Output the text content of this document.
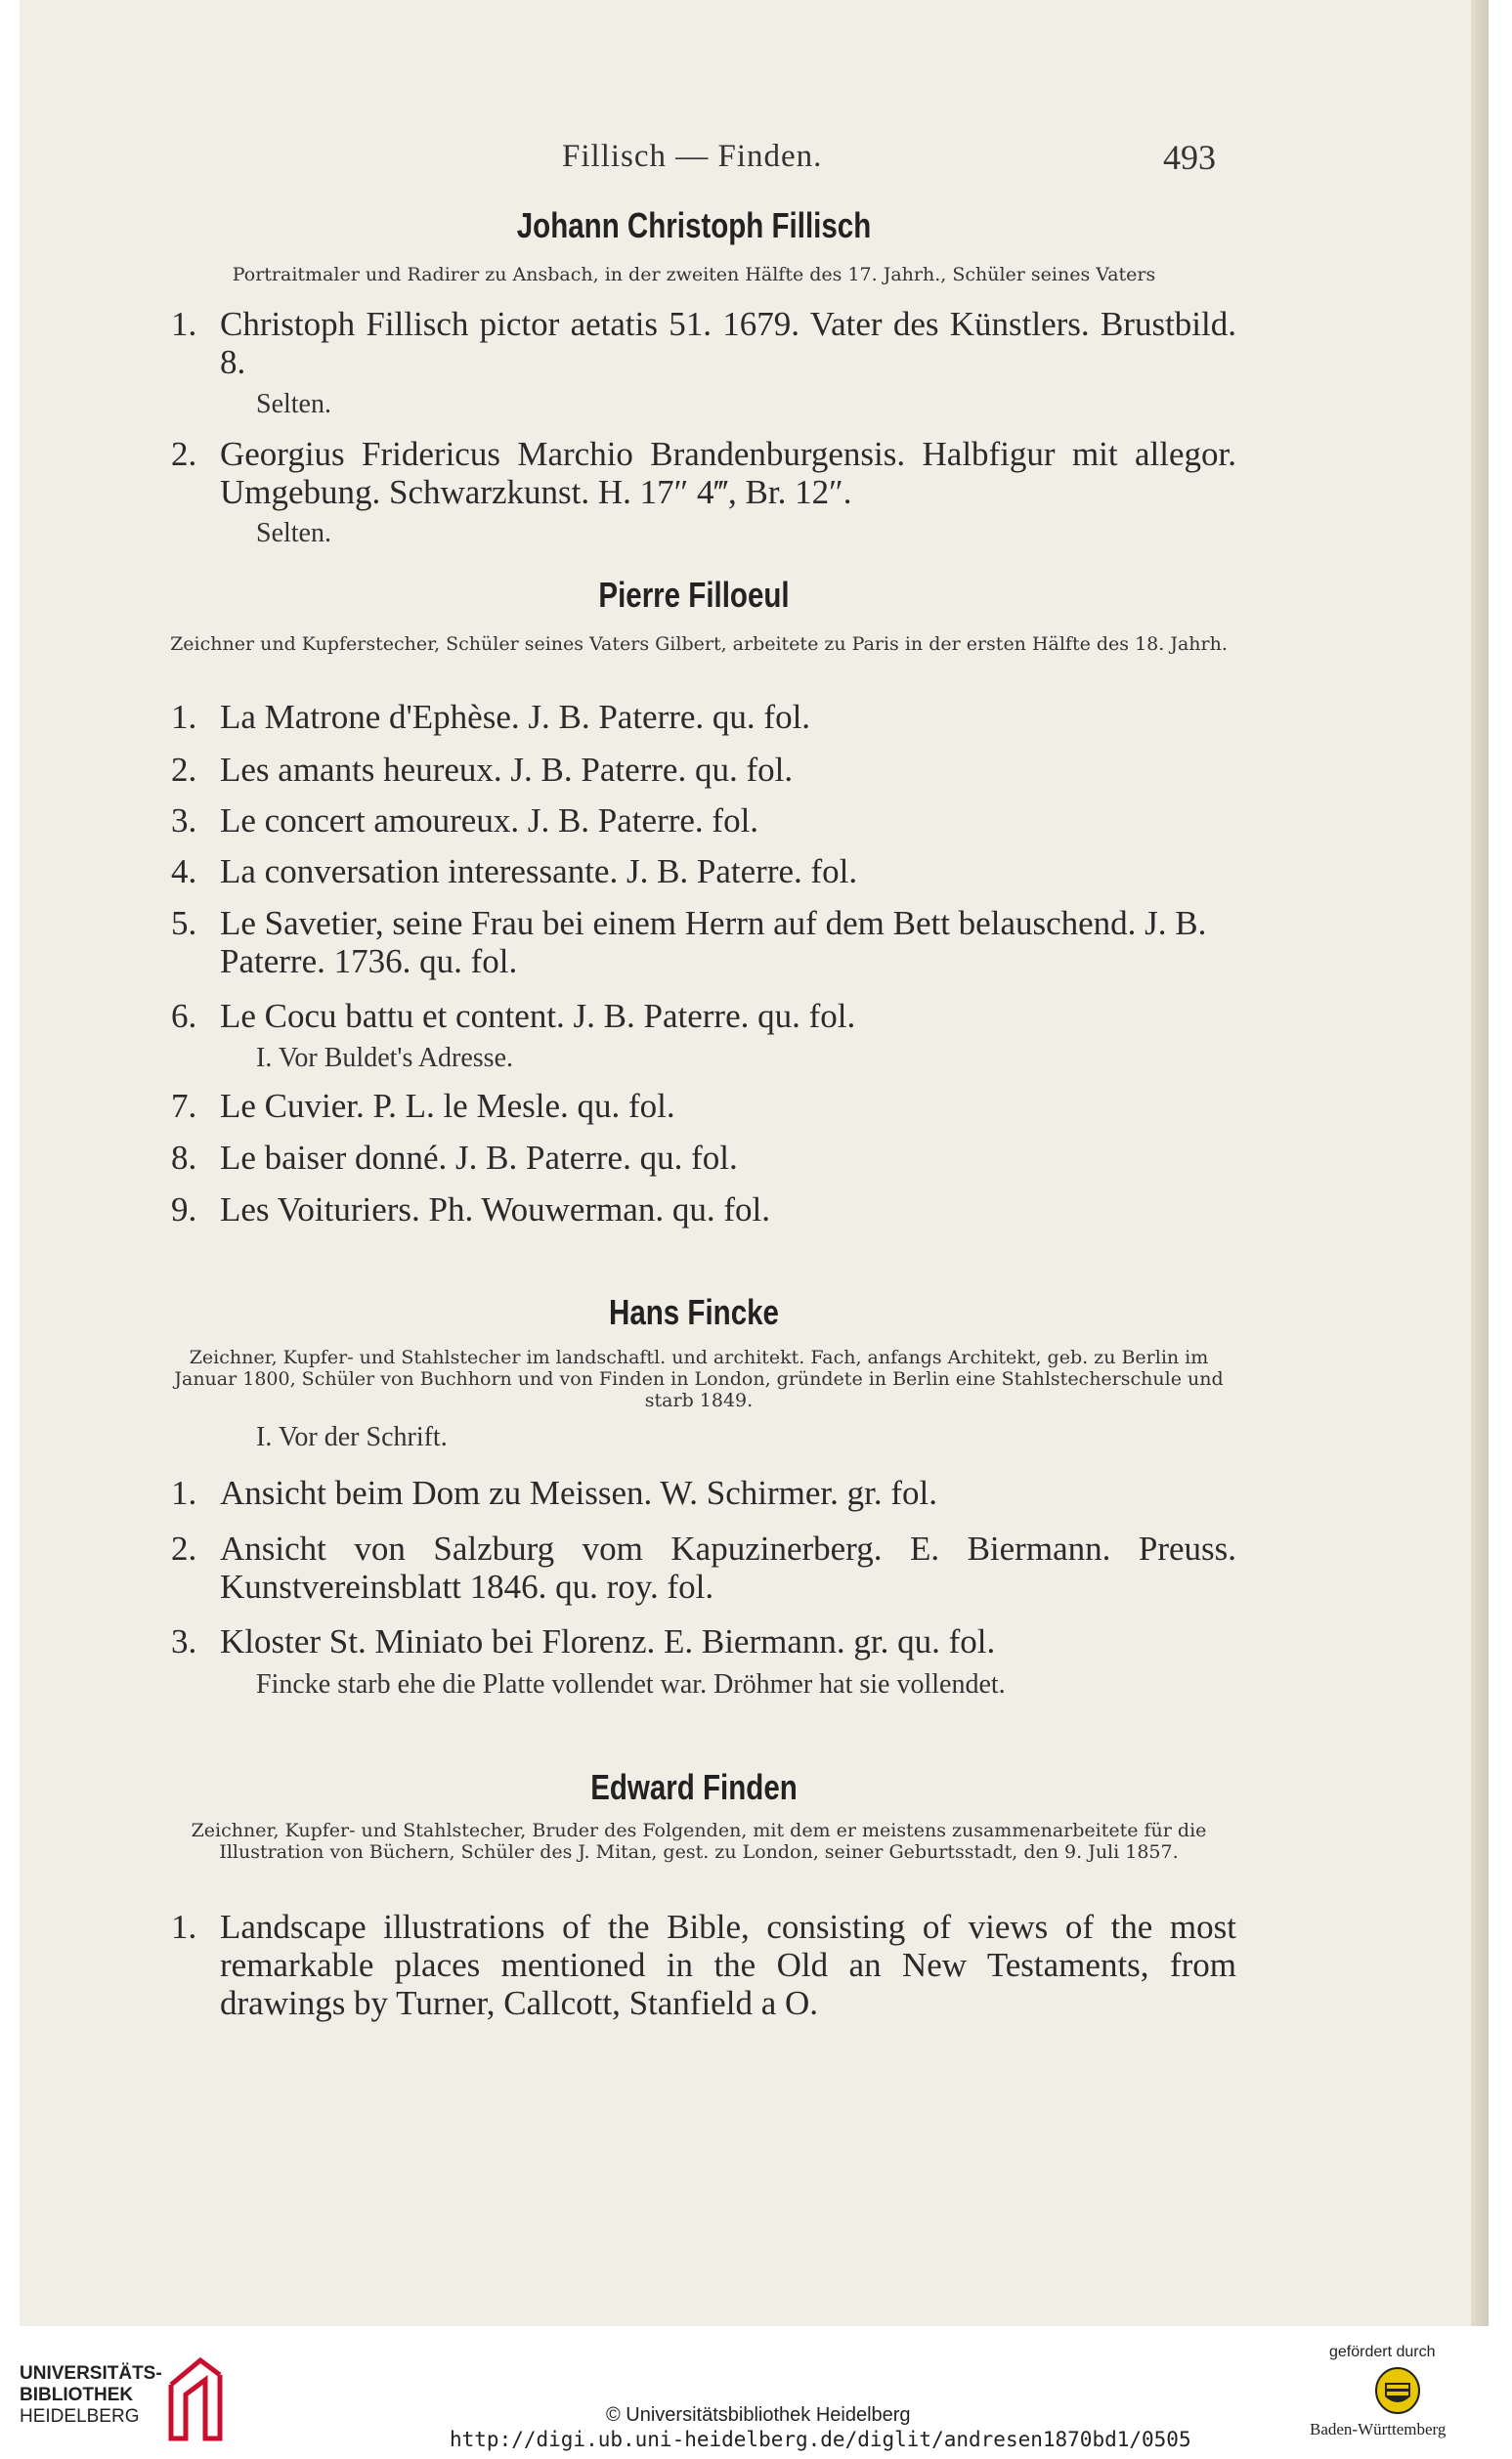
Fillisch — Finden.	493
Johann Christoph Fillisch
Portraitmaler und Radirer zu Ansbach, in der zweiten Hälfte des 17. Jahrh., Schüler seines Vaters
1. Christoph Fillisch pictor aetatis 51. 1679. Vater des Künstlers. Brustbild. 8.
Selten.
2. Georgius Fridericus Marchio Brandenburgensis. Halbfigur mit allegor. Umgebung. Schwarzkunst. H. 17″ 4‴, Br. 12″.
Selten.
Pierre Filloeul
Zeichner und Kupferstecher, Schüler seines Vaters Gilbert, arbeitete zu Paris in der ersten Hälfte des 18. Jahrh.
1. La Matrone d'Ephèse. J. B. Paterre. qu. fol.
2. Les amants heureux. J. B. Paterre. qu. fol.
3. Le concert amoureux. J. B. Paterre. fol.
4. La conversation interessante. J. B. Paterre. fol.
5. Le Savetier, seine Frau bei einem Herrn auf dem Bett belauschend. J. B. Paterre. 1736. qu. fol.
6. Le Cocu battu et content. J. B. Paterre. qu. fol.
I. Vor Buldet's Adresse.
7. Le Cuvier. P. L. le Mesle. qu. fol.
8. Le baiser donné. J. B. Paterre. qu. fol.
9. Les Voituriers. Ph. Wouwerman. qu. fol.
Hans Fincke
Zeichner, Kupfer- und Stahlstecher im landschaftl. und architekt. Fach, anfangs Architekt, geb. zu Berlin im Januar 1800, Schüler von Buchhorn und von Finden in London, gründete in Berlin eine Stahlstecherschule und starb 1849.
I. Vor der Schrift.
1. Ansicht beim Dom zu Meissen. W. Schirmer. gr. fol.
2. Ansicht von Salzburg vom Kapuzinerberg. E. Biermann. Preuss. Kunstvereinsblatt 1846. qu. roy. fol.
3. Kloster St. Miniato bei Florenz. E. Biermann. gr. qu. fol.
Fincke starb ehe die Platte vollendet war. Dröhmer hat sie vollendet.
Edward Finden
Zeichner, Kupfer- und Stahlstecher, Bruder des Folgenden, mit dem er meistens zusammenarbeitete für die Illustration von Büchern, Schüler des J. Mitan, gest. zu London, seiner Geburtsstadt, den 9. Juli 1857.
1. Landscape illustrations of the Bible, consisting of views of the most remarkable places mentioned in the Old an New Testaments, from drawings by Turner, Callcott, Stanfield a O.
UNIVERSITÄTS-
BIBLIOTHEK
HEIDELBERG	© Universitätsbibliothek Heidelberg
http://digi.ub.uni-heidelberg.de/diglit/andresen1870bd1/0505
gefördert durch
Baden-Württemberg
